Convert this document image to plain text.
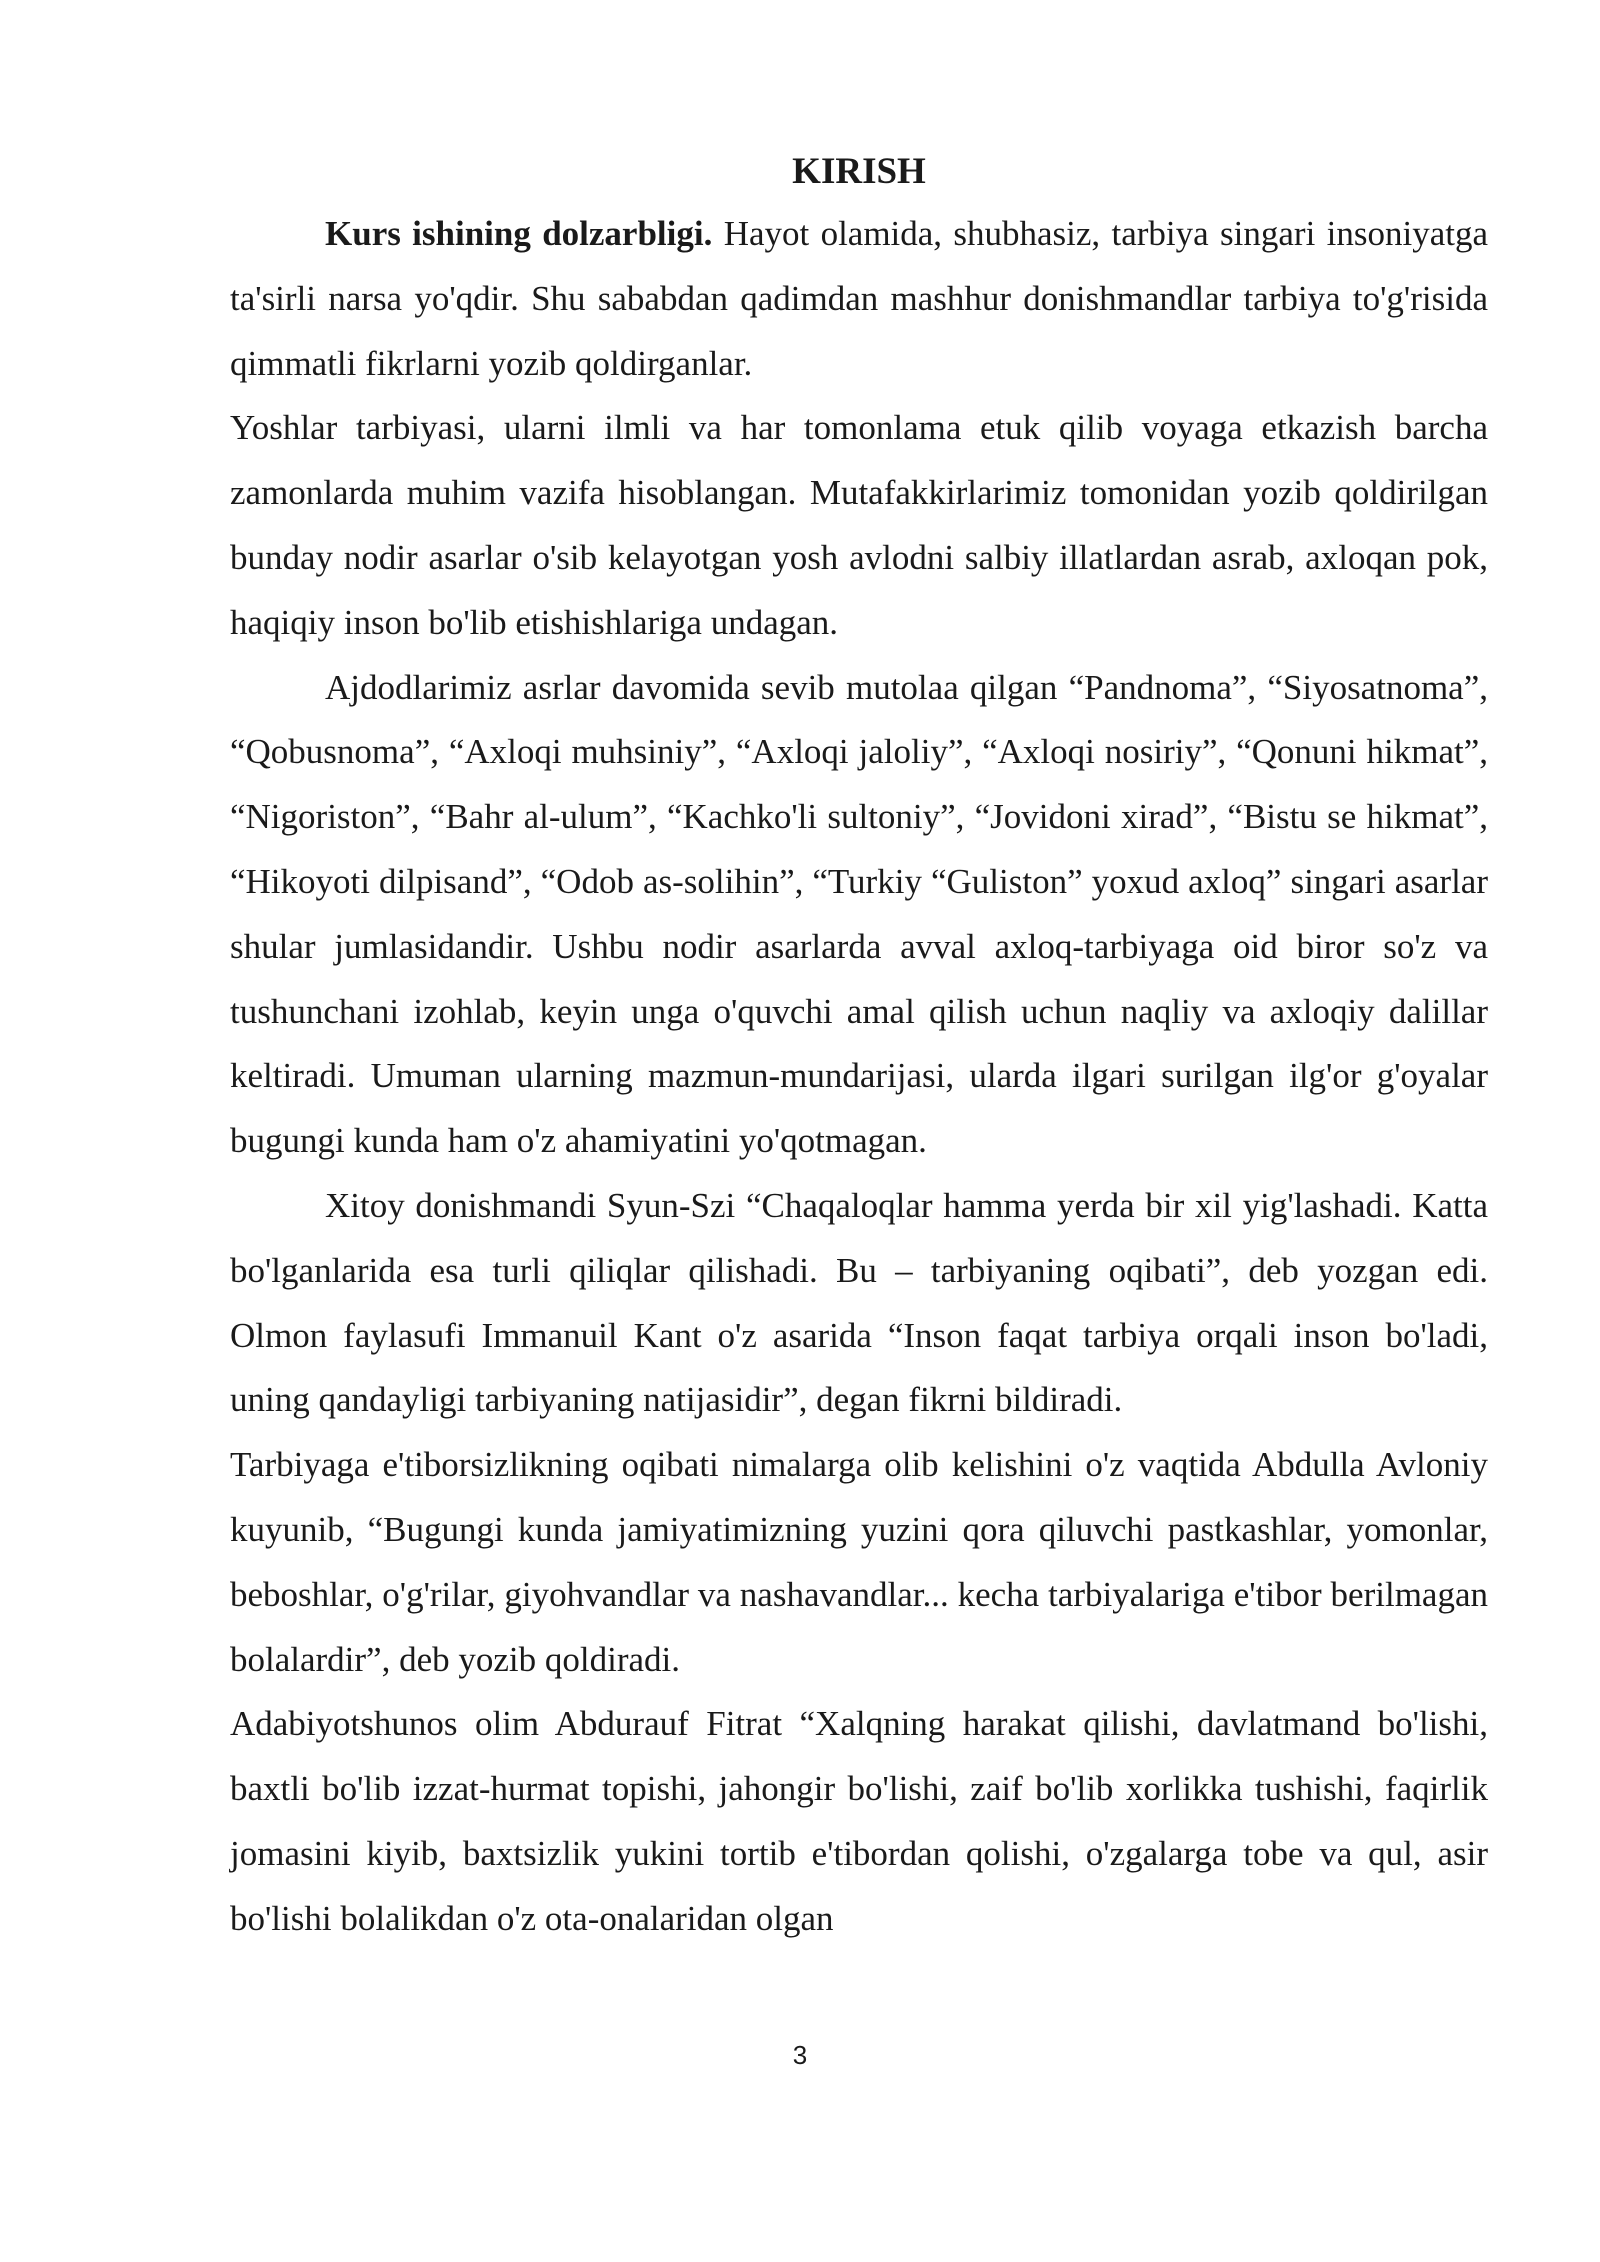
KIRISH

Kurs ishining dolzarbligi. Hayot olamida, shubhasiz, tarbiya singari insoniyatga ta'sirli narsa yo'qdir. Shu sababdan qadimdan mashhur donishmandlar tarbiya to'g'risida qimmatli fikrlarni yozib qoldirganlar.

Yoshlar tarbiyasi, ularni ilmli va har tomonlama etuk qilib voyaga etkazish barcha zamonlarda muhim vazifa hisoblangan. Mutafakkirlarimiz tomonidan yozib qoldirilgan bunday nodir asarlar o'sib kelayotgan yosh avlodni salbiy illatlardan asrab, axloqan pok, haqiqiy inson bo'lib etishishlariga undagan.

Ajdodlarimiz asrlar davomida sevib mutolaa qilgan “Pandnoma”, “Siyosatnoma”, “Qobusnoma”, “Axloqi muhsiniy”, “Axloqi jaloliy”, “Axloqi nosiriy”, “Qonuni hikmat”, “Nigoriston”, “Bahr al-ulum”, “Kachko'li sultoniy”, “Jovidoni xirad”, “Bistu se hikmat”, “Hikoyoti dilpisand”, “Odob as-solihin”, “Turkiy “Guliston” yoxud axloq” singari asarlar shular jumlasidandir. Ushbu nodir asarlarda avval axloq-tarbiyaga oid biror so'z va tushunchani izohlab, keyin unga o'quvchi amal qilish uchun naqliy va axloqiy dalillar keltiradi. Umuman ularning mazmun-mundarijasi, ularda ilgari surilgan ilg'or g'oyalar bugungi kunda ham o'z ahamiyatini yo'qotmagan.

Xitoy donishmandi Syun-Szi “Chaqaloqlar hamma yerda bir xil yig'lashadi. Katta bo'lganlarida esa turli qiliqlar qilishadi. Bu – tarbiyaning oqibati”, deb yozgan edi. Olmon faylasufi Immanuil Kant o'z asarida “Inson faqat tarbiya orqali inson bo'ladi, uning qandayligi tarbiyaning natijasidir”, degan fikrni bildiradi.

Tarbiyaga e'tiborsizlikning oqibati nimalarga olib kelishini o'z vaqtida Abdulla Avloniy kuyunib, “Bugungi kunda jamiyatimizning yuzini qora qiluvchi pastkashlar, yomonlar, beboshlar, o'g'rilar, giyohvandlar va nashavandlar... kecha tarbiyalariga e'tibor berilmagan bolalardir”, deb yozib qoldiradi.

Adabiyotshunos olim Abdurauf Fitrat “Xalqning harakat qilishi, davlatmand bo'lishi, baxtli bo'lib izzat-hurmat topishi, jahongir bo'lishi, zaif bo'lib xorlikka tushishi, faqirlik jomasini kiyib, baxtsizlik yukini tortib e'tibordan qolishi, o'zgalarga tobe va qul, asir bo'lishi bolalikdan o'z ota-onalaridan olgan

3
